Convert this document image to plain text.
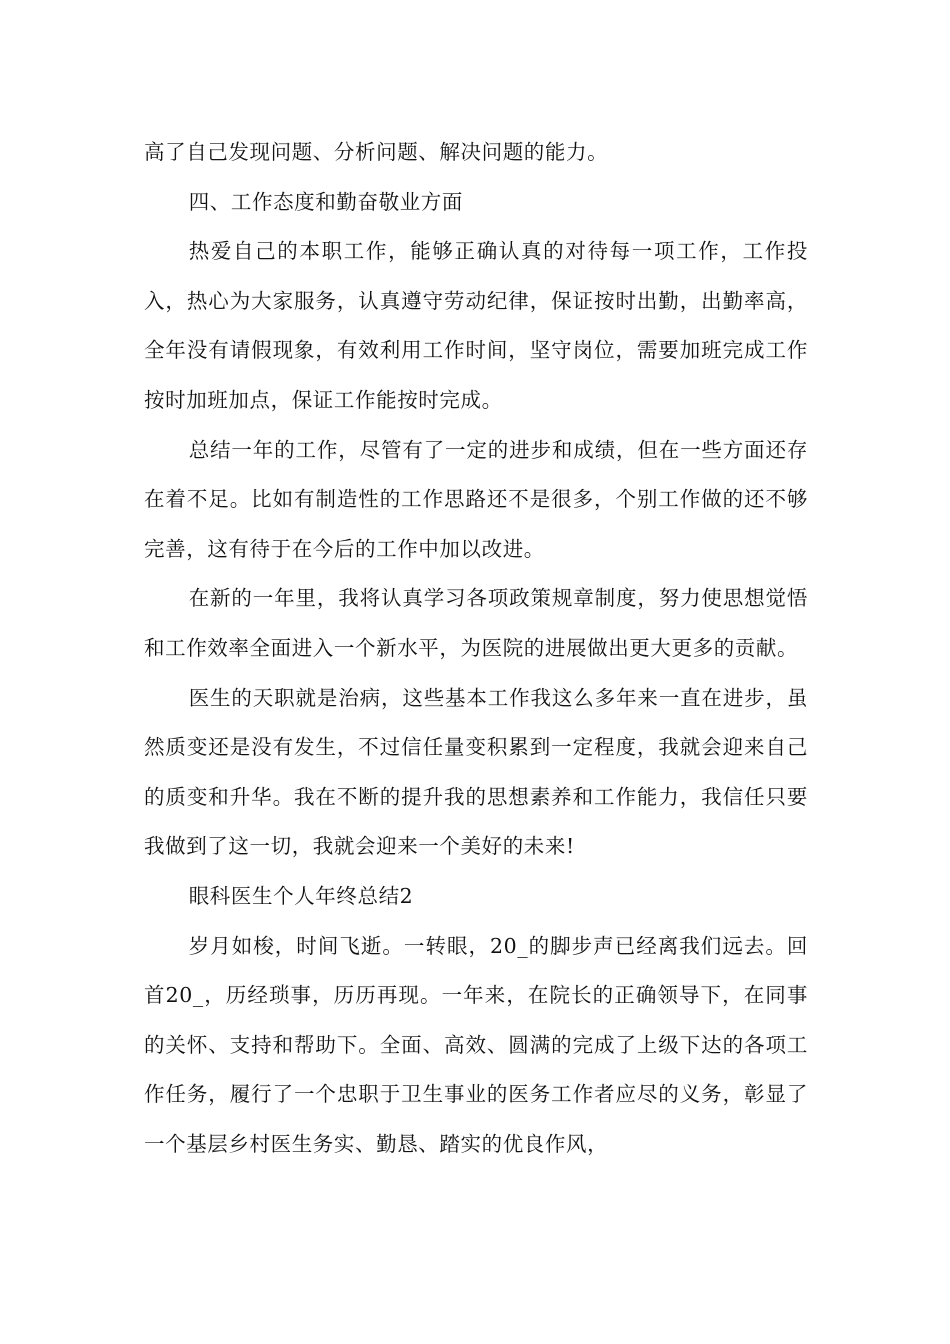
高了自己发现问题、分析问题、解决问题的能力。

四、工作态度和勤奋敬业方面

热爱自己的本职工作，能够正确认真的对待每一项工作，工作投入，热心为大家服务，认真遵守劳动纪律，保证按时出勤，出勤率高，全年没有请假现象，有效利用工作时间，坚守岗位，需要加班完成工作按时加班加点，保证工作能按时完成。

总结一年的工作，尽管有了一定的进步和成绩，但在一些方面还存在着不足。比如有制造性的工作思路还不是很多，个别工作做的还不够完善，这有待于在今后的工作中加以改进。

在新的一年里，我将认真学习各项政策规章制度，努力使思想觉悟和工作效率全面进入一个新水平，为医院的进展做出更大更多的贡献。

医生的天职就是治病，这些基本工作我这么多年来一直在进步，虽然质变还是没有发生，不过信任量变积累到一定程度，我就会迎来自己的质变和升华。我在不断的提升我的思想素养和工作能力，我信任只要我做到了这一切，我就会迎来一个美好的未来!

眼科医生个人年终总结2

岁月如梭，时间飞逝。一转眼，20_的脚步声已经离我们远去。回首20_，历经琐事，历历再现。一年来，在院长的正确领导下，在同事的关怀、支持和帮助下。全面、高效、圆满的完成了上级下达的各项工作任务，履行了一个忠职于卫生事业的医务工作者应尽的义务，彰显了一个基层乡村医生务实、勤恳、踏实的优良作风，
